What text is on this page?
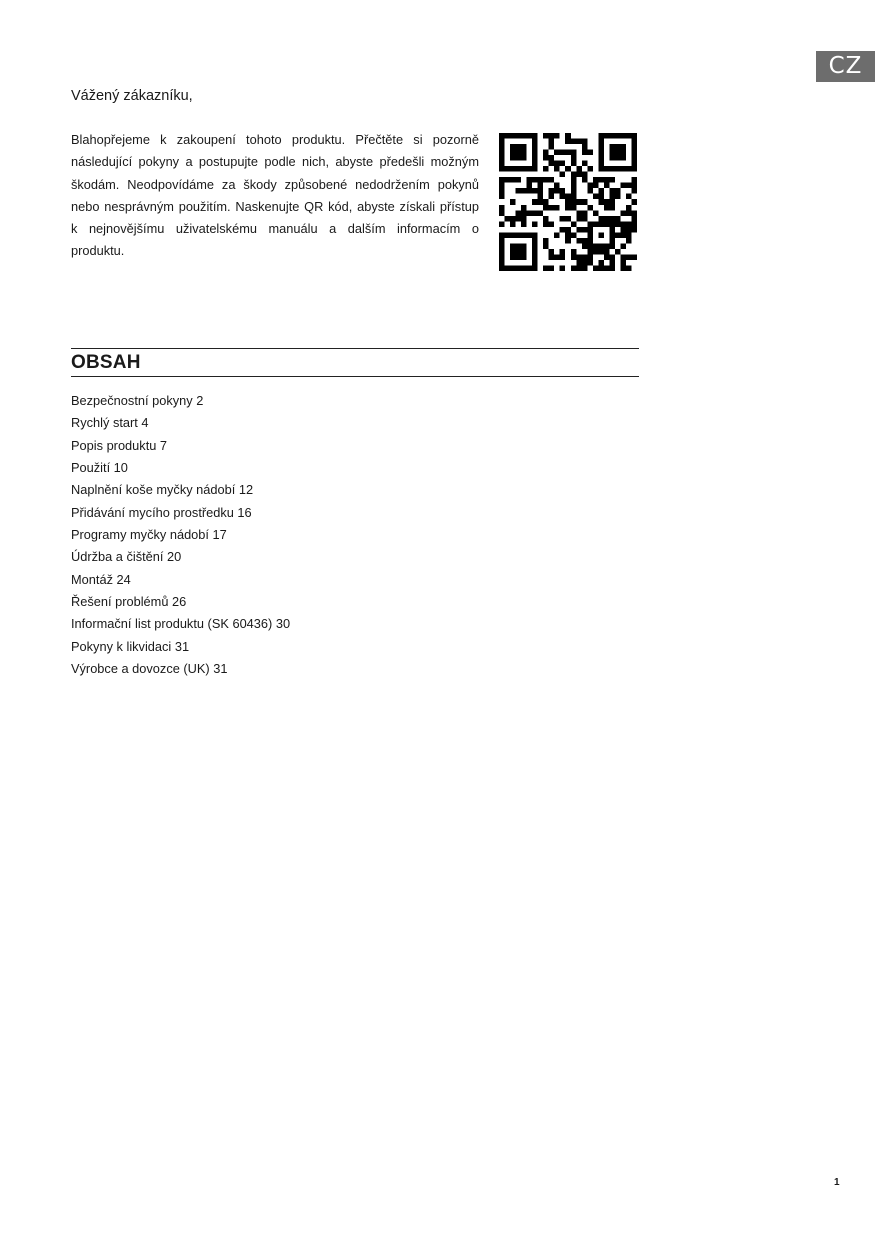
CZ
Vážený zákazníku,

Blahopřejeme k zakoupení tohoto produktu. Přečtěte si pozorně následující pokyny a postupujte podle nich, abyste předešli možným škodám. Neodpovídáme za škody způsobené nedodržením pokynů nebo nesprávným použitím. Naskenujte QR kód, abyste získali přístup k nejnovějšímu uživatelskému manuálu a dalším informacím o produktu.

OBSAH
Bezpečnostní pokyny 2
Rychlý start 4
Popis produktu 7
Použití 10
Naplnění koše myčky nádobí 12
Přidávání mycího prostředku 16
Programy myčky nádobí 17
Údržba a čištění 20
Montáž 24
Řešení problémů 26
Informační list produktu (SK 60436) 30
Pokyny k likvidaci 31
Výrobce a dovozce (UK) 31
1
